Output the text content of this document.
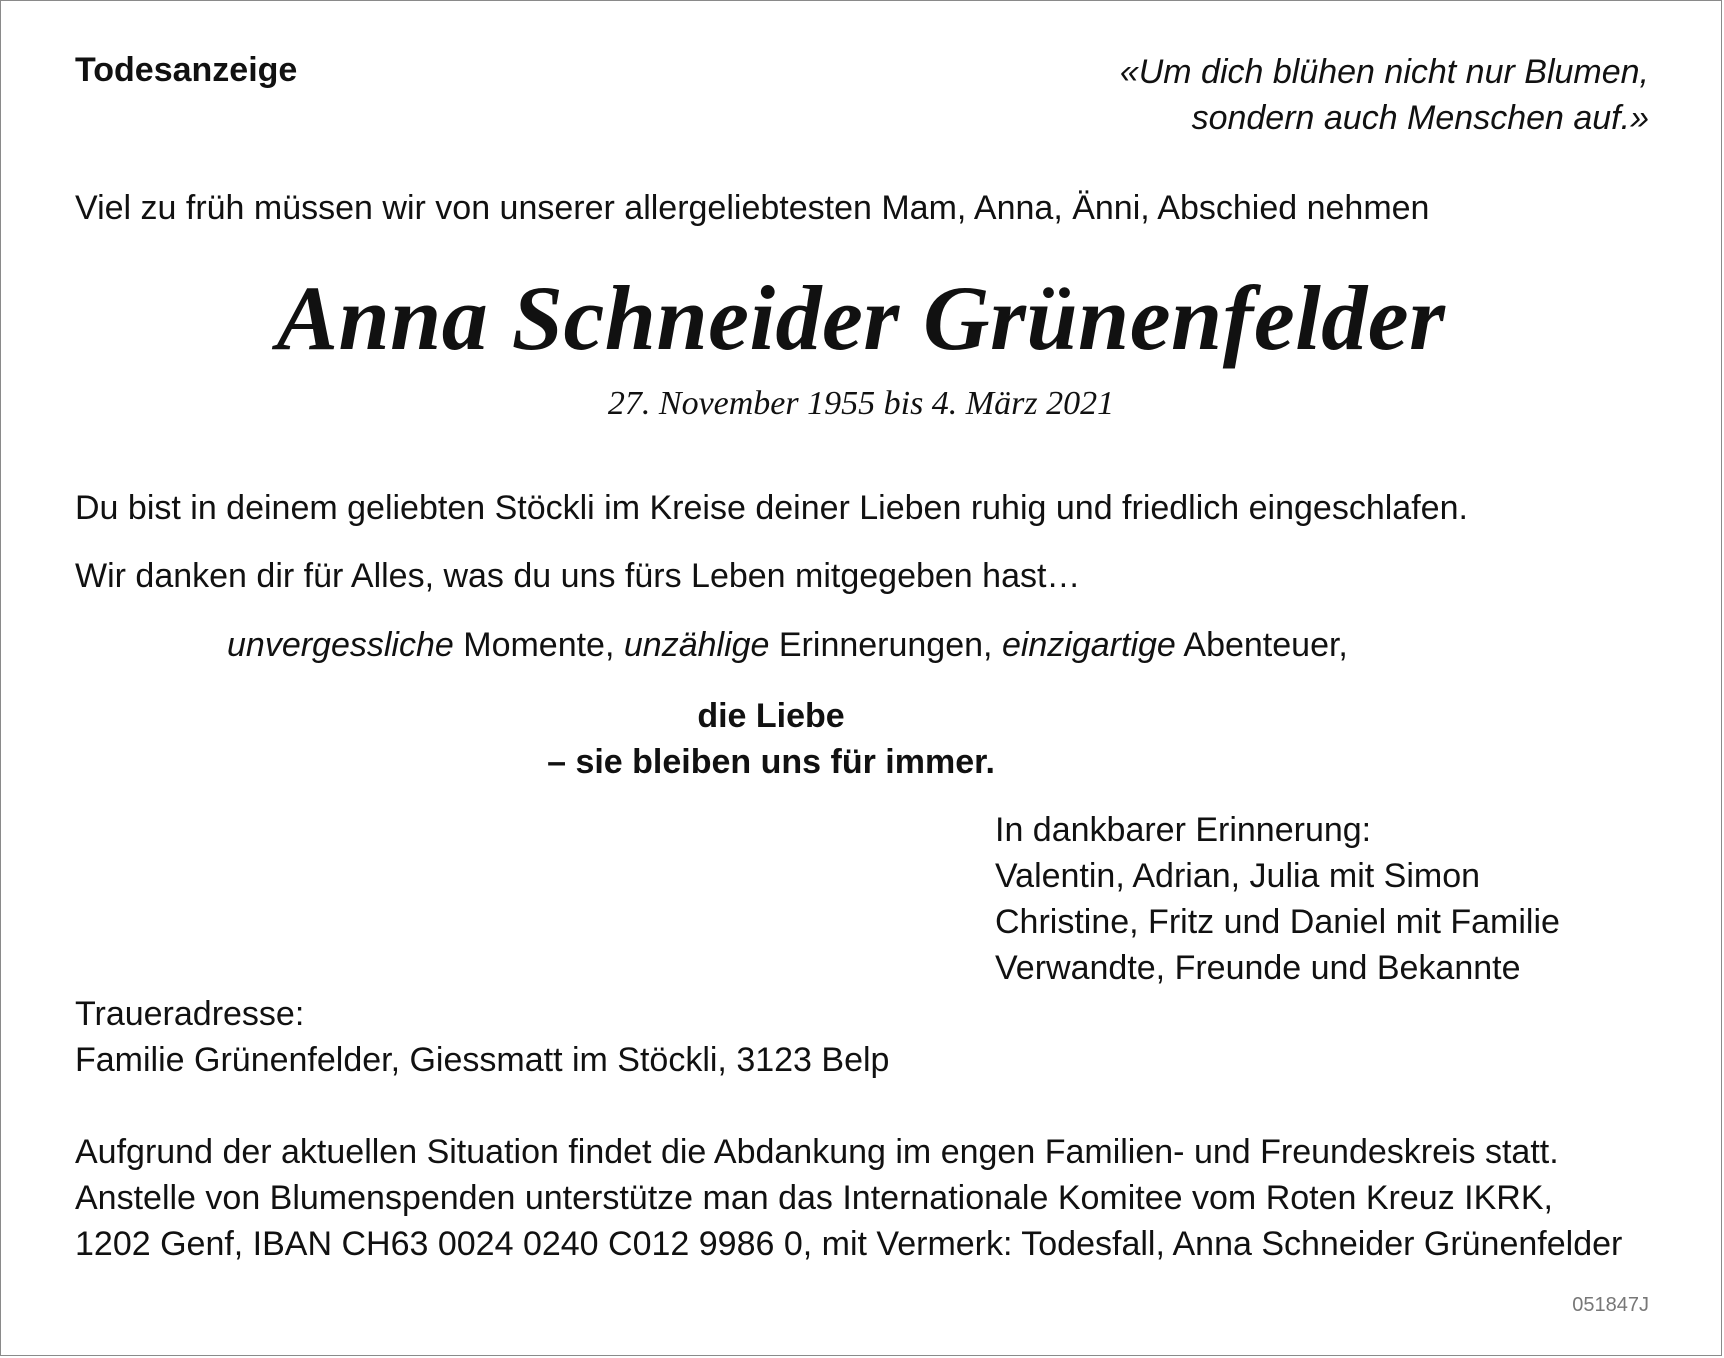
Todesanzeige	«Um dich blühen nicht nur Blumen,
sondern auch Menschen auf.»

Viel zu früh müssen wir von unserer allergeliebtesten Mam, Anna, Änni, Abschied nehmen

Anna Schneider Grünenfelder

27. November 1955 bis 4. März 2021

Du bist in deinem geliebten Stöckli im Kreise deiner Lieben ruhig und friedlich eingeschlafen.

Wir danken dir für Alles, was du uns fürs Leben mitgegeben hast…

unvergessliche Momente, unzählige Erinnerungen, einzigartige Abenteuer,

die Liebe
– sie bleiben uns für immer.

In dankbarer Erinnerung:
Valentin, Adrian, Julia mit Simon
Christine, Fritz und Daniel mit Familie
Verwandte, Freunde und Bekannte

Traueradresse:
Familie Grünenfelder, Giessmatt im Stöckli, 3123 Belp

Aufgrund der aktuellen Situation findet die Abdankung im engen Familien- und Freundeskreis statt.
Anstelle von Blumenspenden unterstütze man das Internationale Komitee vom Roten Kreuz IKRK,
1202 Genf, IBAN CH63 0024 0240 C012 9986 0, mit Vermerk: Todesfall, Anna Schneider Grünenfelder

051847J
